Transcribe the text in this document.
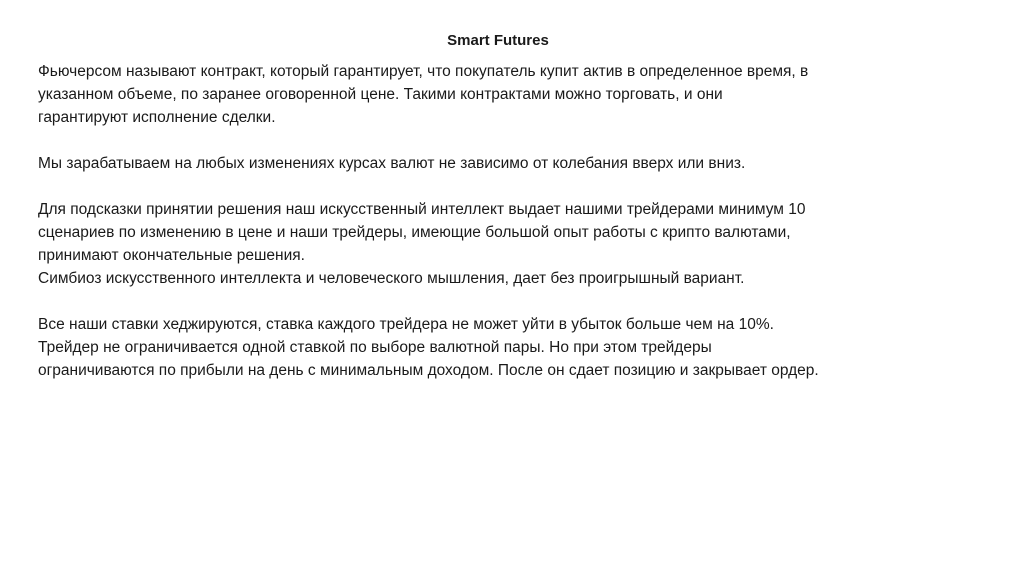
Smart Futures

Фьючерсом называют контракт, который гарантирует, что покупатель купит актив в определенное время, в
указанном объеме, по заранее оговоренной цене. Такими контрактами можно торговать, и они
гарантируют исполнение сделки.

Мы зарабатываем на любых изменениях курсах валют не зависимо от колебания вверх или вниз.

Для подсказки принятии решения наш искусственный интеллект выдает нашими трейдерами минимум 10
сценариев по изменению в цене и наши трейдеры, имеющие большой опыт работы с крипто валютами,
принимают окончательные решения.

Симбиоз искусственного интеллекта и человеческого мышления, дает без проигрышный вариант.

Все наши ставки хеджируются, ставка каждого трейдера не может уйти в убыток больше чем на 10%.
Трейдер не ограничивается одной ставкой по выборе валютной пары. Но при этом трейдеры
ограничиваются по прибыли на день с минимальным доходом. После он сдает позицию и закрывает ордер.
